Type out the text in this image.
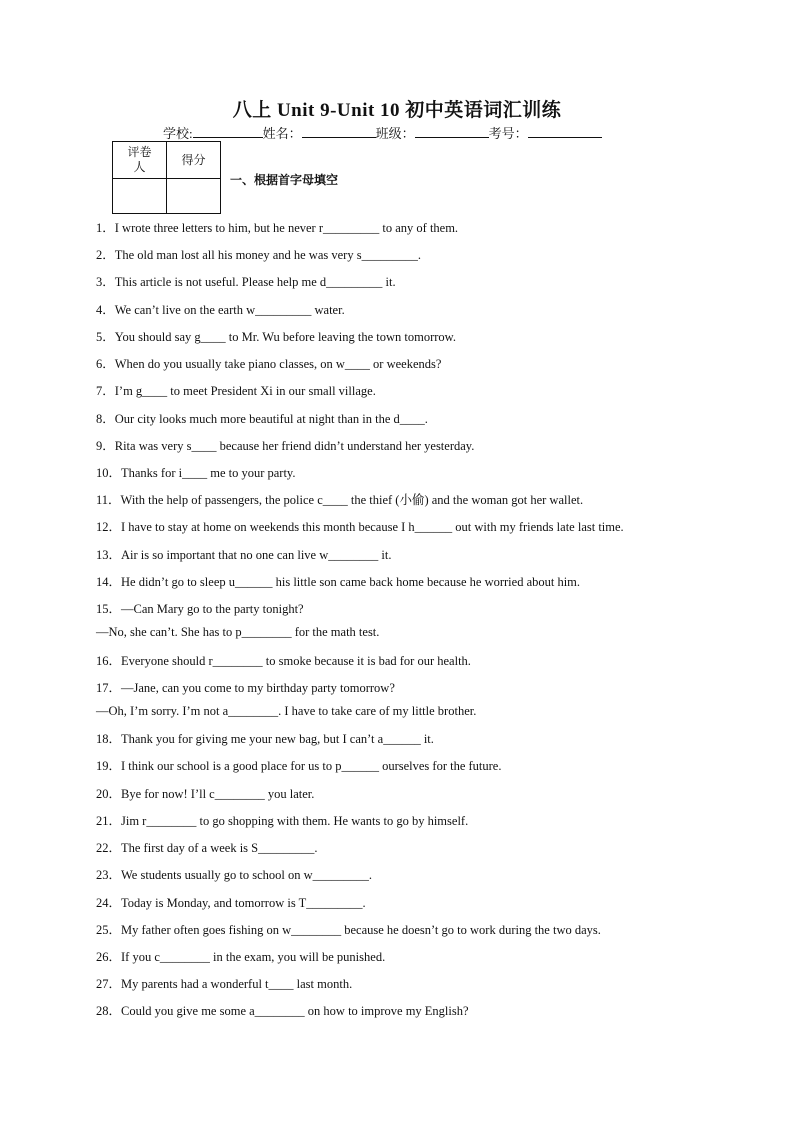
八上 Unit 9-Unit 10 初中英语词汇训练
学校:	姓名：	班级：	考号：
评卷人	得分

一、根据首字母填空
1．I wrote three letters to him, but he never r_________ to any of them.
2．The old man lost all his money and he was very s_________.
3．This article is not useful. Please help me d_________ it.
4．We can’t live on the earth w_________ water.
5．You should say g____ to Mr. Wu before leaving the town tomorrow.
6．When do you usually take piano classes, on w____ or weekends?
7．I’m g____ to meet President Xi in our small village.
8．Our city looks much more beautiful at night than in the d____.
9．Rita was very s____ because her friend didn’t understand her yesterday.
10．Thanks for i____ me to your party.
11．With the help of passengers, the police c____ the thief (小偷) and the woman got her wallet.
12．I have to stay at home on weekends this month because I h______ out with my friends late last time.
13．Air is so important that no one can live w________ it.
14．He didn’t go to sleep u______ his little son came back home because he worried about him.
15．—Can Mary go to the party tonight?
—No, she can’t. She has to p________ for the math test.
16．Everyone should r________ to smoke because it is bad for our health.
17．—Jane, can you come to my birthday party tomorrow?
—Oh, I’m sorry. I’m not a________. I have to take care of my little brother.
18．Thank you for giving me your new bag, but I can’t a______ it.
19．I think our school is a good place for us to p______ ourselves for the future.
20．Bye for now! I’ll c________ you later.
21．Jim r________ to go shopping with them. He wants to go by himself.
22．The first day of a week is S_________.
23．We students usually go to school on w_________.
24．Today is Monday, and tomorrow is T_________.
25．My father often goes fishing on w________ because he doesn’t go to work during the two days.
26．If you c________ in the exam, you will be punished.
27．My parents had a wonderful t____ last month.
28．Could you give me some a________ on how to improve my English?
